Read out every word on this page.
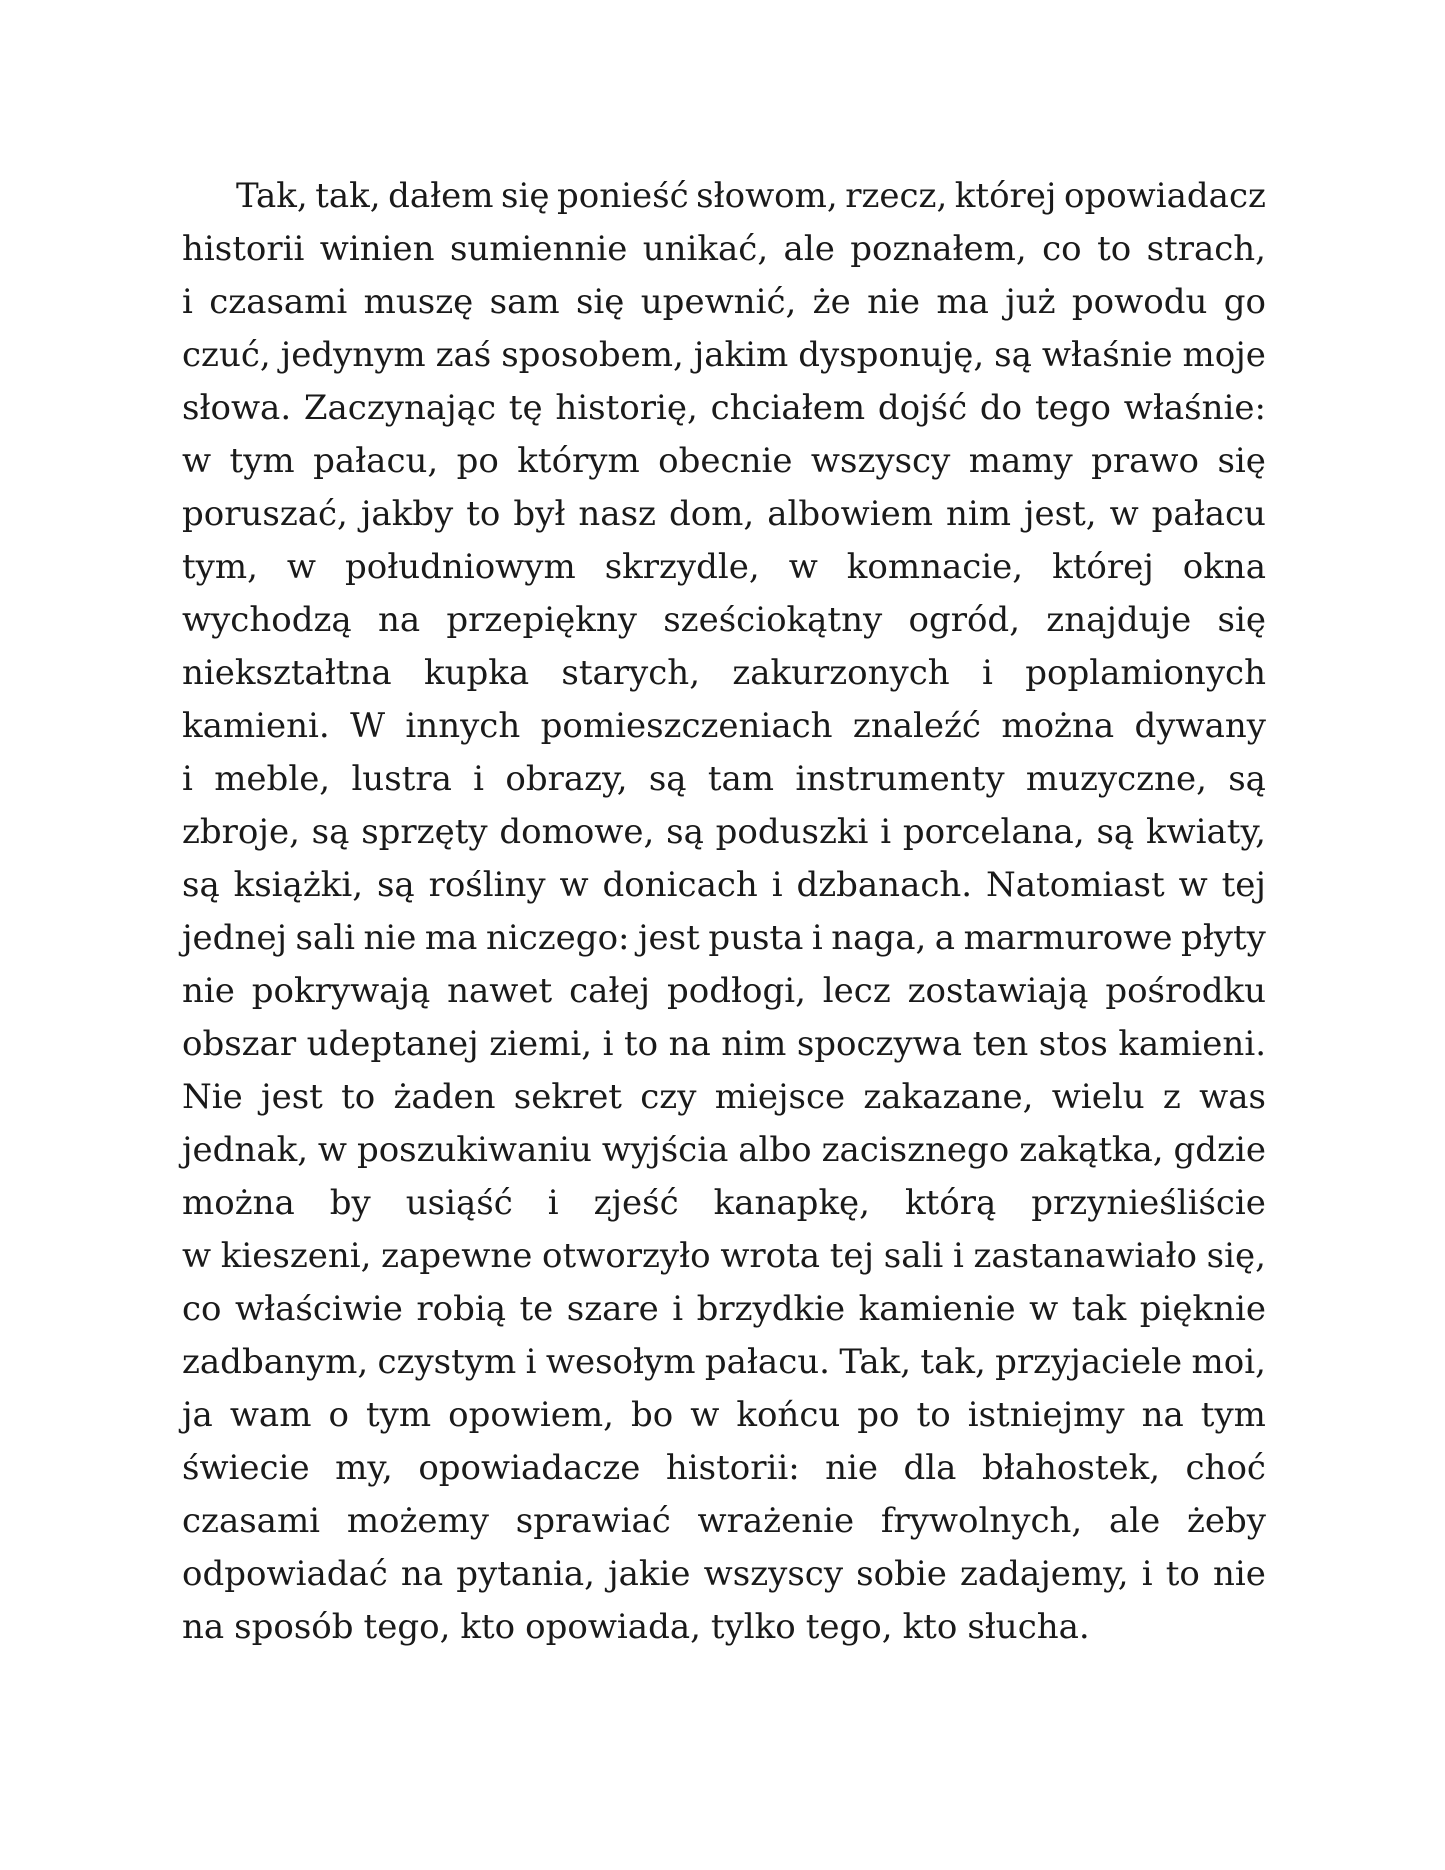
Tak, tak, dałem się ponieść słowom, rzecz, której opowiadacz
historii winien sumiennie unikać, ale poznałem, co to strach,
i czasami muszę sam się upewnić, że nie ma już powodu go
czuć, jedynym zaś sposobem, jakim dysponuję, są właśnie moje
słowa. Zaczynając tę historię, chciałem dojść do tego właśnie:
w tym pałacu, po którym obecnie wszyscy mamy prawo się
poruszać, jakby to był nasz dom, albowiem nim jest, w pałacu
tym, w południowym skrzydle, w komnacie, której okna
wychodzą na przepiękny sześciokątny ogród, znajduje się
niekształtna kupka starych, zakurzonych i poplamionych
kamieni. W innych pomieszczeniach znaleźć można dywany
i meble, lustra i obrazy, są tam instrumenty muzyczne, są
zbroje, są sprzęty domowe, są poduszki i porcelana, są kwiaty,
są książki, są rośliny w donicach i dzbanach. Natomiast w tej
jednej sali nie ma niczego: jest pusta i naga, a marmurowe płyty
nie pokrywają nawet całej podłogi, lecz zostawiają pośrodku
obszar udeptanej ziemi, i to na nim spoczywa ten stos kamieni.
Nie jest to żaden sekret czy miejsce zakazane, wielu z was
jednak, w poszukiwaniu wyjścia albo zacisznego zakątka, gdzie
można by usiąść i zjeść kanapkę, którą przynieśliście
w kieszeni, zapewne otworzyło wrota tej sali i zastanawiało się,
co właściwie robią te szare i brzydkie kamienie w tak pięknie
zadbanym, czystym i wesołym pałacu. Tak, tak, przyjaciele moi,
ja wam o tym opowiem, bo w końcu po to istniejmy na tym
świecie my, opowiadacze historii: nie dla błahostek, choć
czasami możemy sprawiać wrażenie frywolnych, ale żeby
odpowiadać na pytania, jakie wszyscy sobie zadajemy, i to nie
na sposób tego, kto opowiada, tylko tego, kto słucha.
